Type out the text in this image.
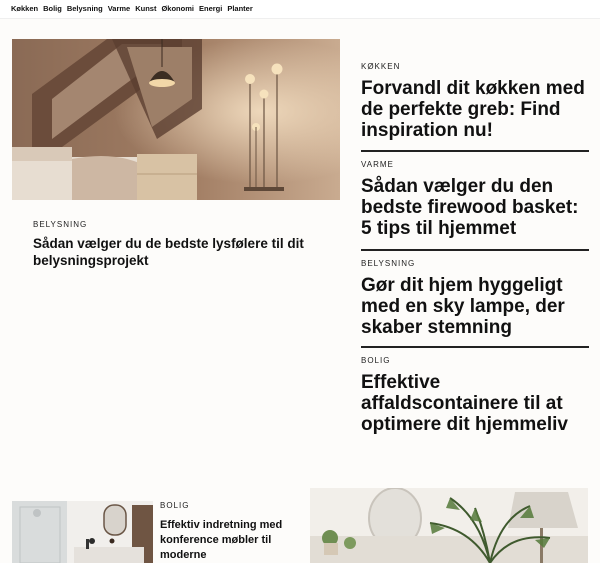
Køkken Bolig Belysning Varme Kunst Økonomi Energi Planter
BELYSNING
Sådan vælger du de bedste lysfølere til dit belysningsprojekt
KØKKEN
Forvandl dit køkken med de perfekte greb: Find inspiration nu!
VARME
Sådan vælger du den bedste firewood basket: 5 tips til hjemmet
BELYSNING
Gør dit hjem hyggeligt med en sky lampe, der skaber stemning
BOLIG
Effektive affaldscontainere til at optimere dit hjemmeliv
BOLIG
Effektiv indretning med konference møbler til moderne
